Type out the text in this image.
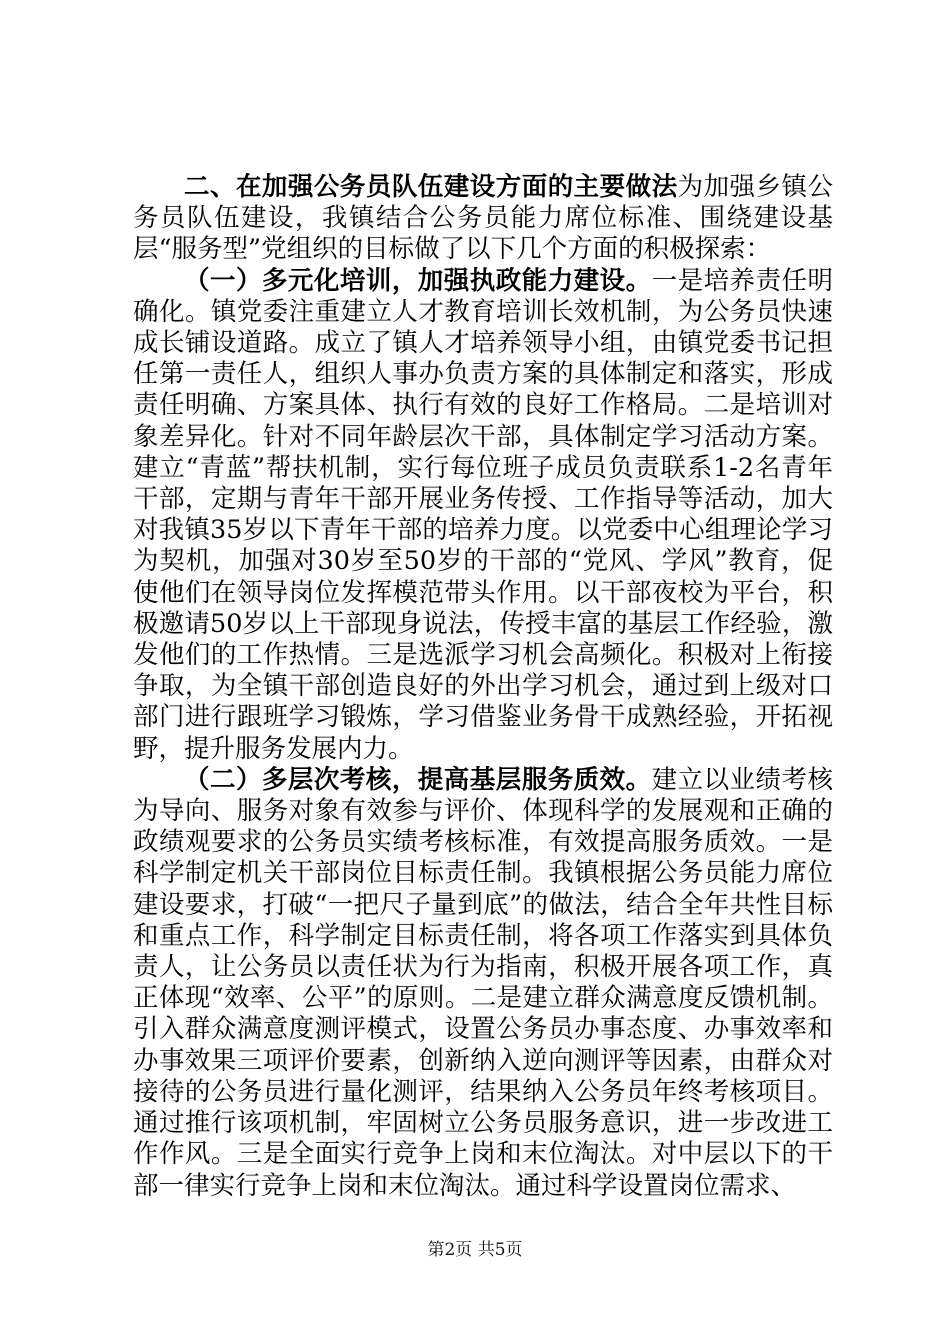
二、在加强公务员队伍建设方面的主要做法为加强乡镇公务员队伍建设，我镇结合公务员能力席位标准、围绕建设基层“服务型”党组织的目标做了以下几个方面的积极探索：

（一）多元化培训，加强执政能力建设。一是培养责任明确化。镇党委注重建立人才教育培训长效机制，为公务员快速成长铺设道路。成立了镇人才培养领导小组，由镇党委书记担任第一责任人，组织人事办负责方案的具体制定和落实，形成责任明确、方案具体、执行有效的良好工作格局。二是培训对象差异化。针对不同年龄层次干部，具体制定学习活动方案。建立“青蓝”帮扶机制，实行每位班子成员负责联系1-2名青年干部，定期与青年干部开展业务传授、工作指导等活动，加大对我镇35岁以下青年干部的培养力度。以党委中心组理论学习为契机，加强对30岁至50岁的干部的“党风、学风”教育，促使他们在领导岗位发挥模范带头作用。以干部夜校为平台，积极邀请50岁以上干部现身说法，传授丰富的基层工作经验，激发他们的工作热情。三是选派学习机会高频化。积极对上衔接争取，为全镇干部创造良好的外出学习机会，通过到上级对口部门进行跟班学习锻炼，学习借鉴业务骨干成熟经验，开拓视野，提升服务发展内力。

（二）多层次考核，提高基层服务质效。建立以业绩考核为导向、服务对象有效参与评价、体现科学的发展观和正确的政绩观要求的公务员实绩考核标准，有效提高服务质效。一是科学制定机关干部岗位目标责任制。我镇根据公务员能力席位建设要求，打破“一把尺子量到底”的做法，结合全年共性目标和重点工作，科学制定目标责任制，将各项工作落实到具体负责人，让公务员以责任状为行为指南，积极开展各项工作，真正体现“效率、公平”的原则。二是建立群众满意度反馈机制。引入群众满意度测评模式，设置公务员办事态度、办事效率和办事效果三项评价要素，创新纳入逆向测评等因素，由群众对接待的公务员进行量化测评，结果纳入公务员年终考核项目。通过推行该项机制，牢固树立公务员服务意识，进一步改进工作作风。三是全面实行竞争上岗和末位淘汰。对中层以下的干部一律实行竞争上岗和末位淘汰。通过科学设置岗位需求、

第2页 共5页
